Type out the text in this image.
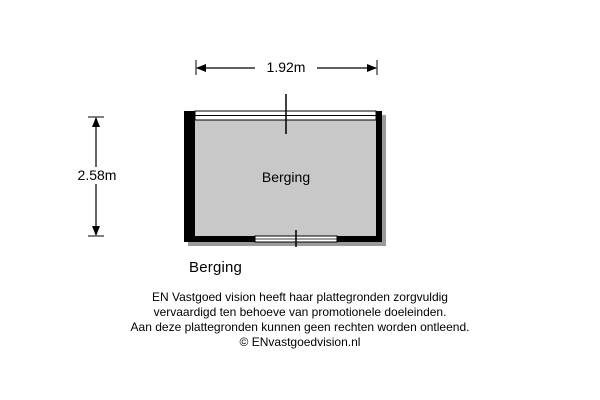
1.92m
2.58m	Berging
Berging
EN Vastgoed vision heeft haar plattegronden zorgvuldig
vervaardigd ten behoeve van promotionele doeleinden.
Aan deze plattegronden kunnen geen rechten worden ontleend.
© ENvastgoedvision.nl
